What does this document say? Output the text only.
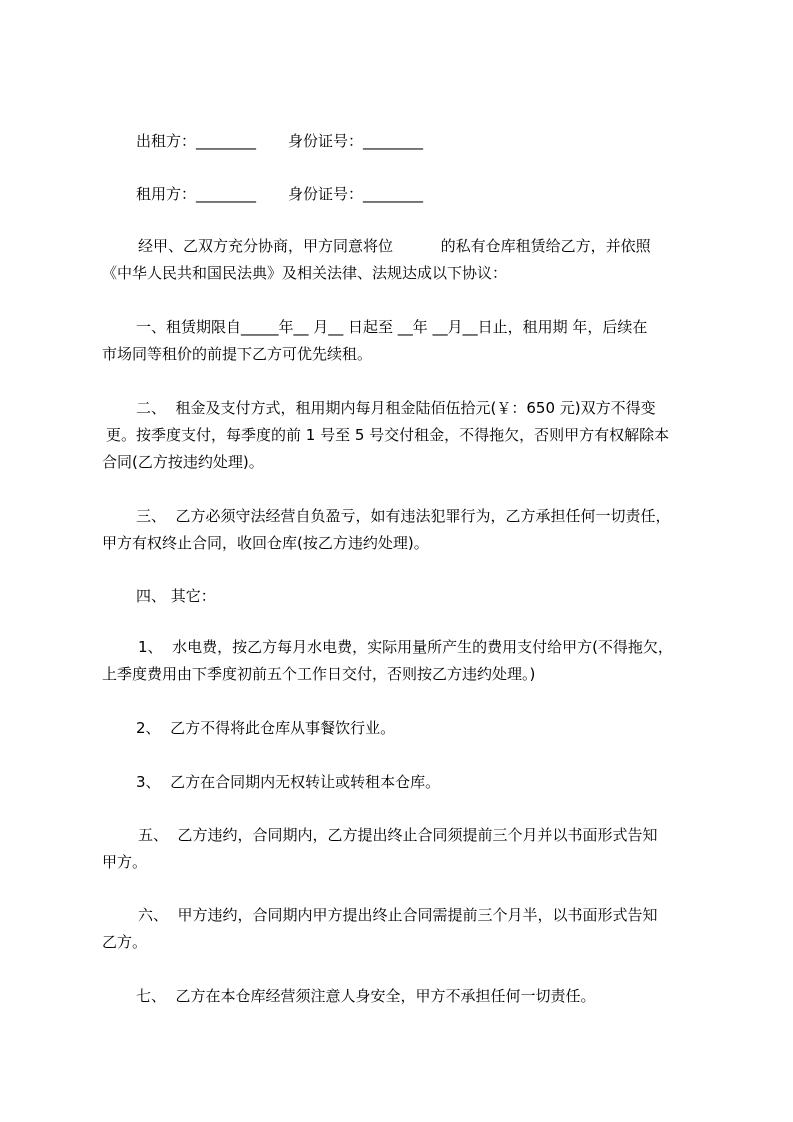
出租方：________ 身份证号：________
租用方：________ 身份证号：________
经甲、乙双方充分协商，甲方同意将位          的私有仓库租赁给乙方，并依照
《中华人民共和国民法典》及相关法律、法规达成以下协议：
一、租赁期限自_____年__ 月__ 日起至 __年 __月__日止，租用期 年，后续在
市场同等租价的前提下乙方可优先续租。
二、  租金及支付方式，租用期内每月租金陆佰伍拾元(￥：650 元)双方不得变
更。按季度支付，每季度的前 1 号至 5 号交付租金，不得拖欠，否则甲方有权解除本
合同(乙方按违约处理)。
三、  乙方必须守法经营自负盈亏，如有违法犯罪行为，乙方承担任何一切责任，
甲方有权终止合同，收回仓库(按乙方违约处理)。
四、 其它：
1、  水电费，按乙方每月水电费，实际用量所产生的费用支付给甲方(不得拖欠，
上季度费用由下季度初前五个工作日交付，否则按乙方违约处理。)
2、  乙方不得将此仓库从事餐饮行业。
3、  乙方在合同期内无权转让或转租本仓库。
五、  乙方违约，合同期内，乙方提出终止合同须提前三个月并以书面形式告知
甲方。
六、  甲方违约，合同期内甲方提出终止合同需提前三个月半，以书面形式告知
乙方。
七、  乙方在本仓库经营须注意人身安全，甲方不承担任何一切责任。
